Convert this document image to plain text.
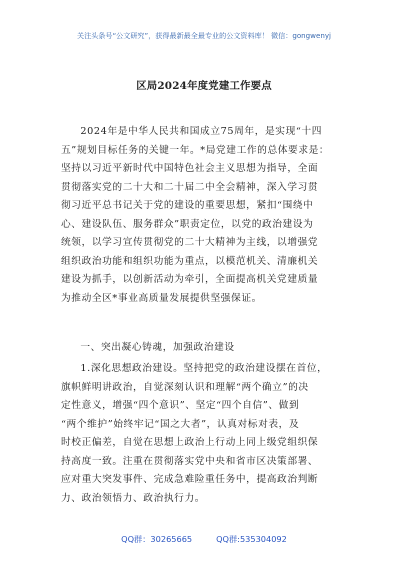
关注头条号“公文研究”，获得最新最全最专业的公文资料库！ 微信：gongwenyj
区局2024年度党建工作要点
2024年是中华人民共和国成立75周年，是实现“十四
五”规划目标任务的关键一年。*局党建工作的总体要求是：
坚持以习近平新时代中国特色社会主义思想为指导，全面
贯彻落实党的二十大和二十届二中全会精神，深入学习贯
彻习近平总书记关于党的建设的重要思想，紧扣“围绕中
心、建设队伍、服务群众”职责定位，以党的政治建设为
统领，以学习宣传贯彻党的二十大精神为主线，以增强党
组织政治功能和组织功能为重点，以模范机关、清廉机关
建设为抓手，以创新活动为牵引，全面提高机关党建质量
为推动全区*事业高质量发展提供坚强保证。
一、突出凝心铸魂，加强政治建设
1.深化思想政治建设。坚持把党的政治建设摆在首位，
旗帜鲜明讲政治，自觉深刻认识和理解“两个确立”的决
定性意义，增强“四个意识”、坚定“四个自信”、做到
“两个维护”始终牢记“国之大者”，认真对标对表，及
时校正偏差，自觉在思想上政治上行动上同上级党组织保
持高度一致。注重在贯彻落实党中央和省市区决策部署、
应对重大突发事件、完成急难险重任务中，提高政治判断
力、政治领悟力、政治执行力。
QQ群：30265665	QQ群:535304092
